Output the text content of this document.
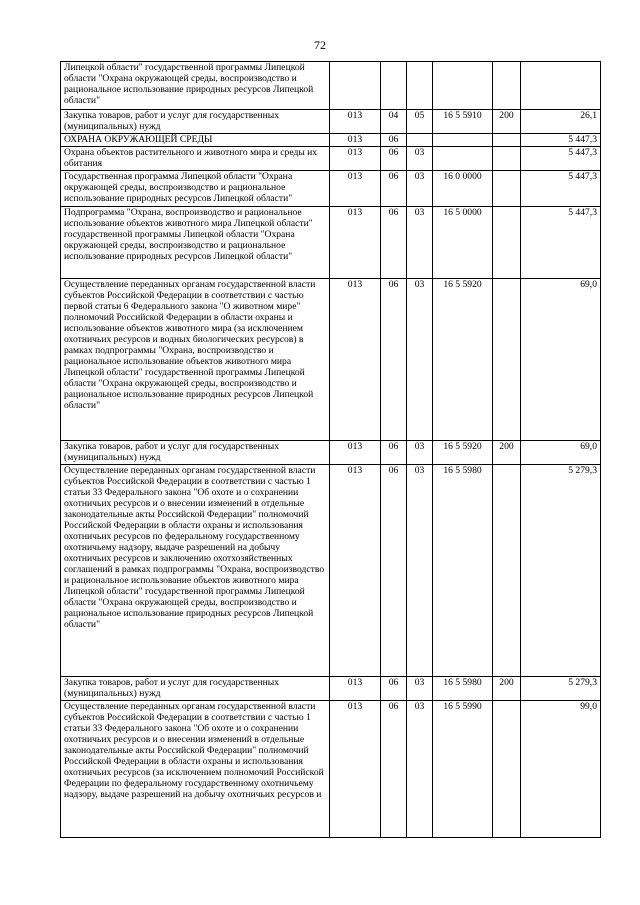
72
Липецкой области" государственной программы Липецкой области "Охрана окружающей среды, воспроизводство и рациональное использование природных ресурсов Липецкой области"						
Закупка товаров, работ и услуг для государственных (муниципальных) нужд	013	04	05	16 5 5910	200	26,1
ОХРАНА ОКРУЖАЮЩЕЙ СРЕДЫ	013	06				5 447,3
Охрана объектов растительного и животного мира и среды их обитания	013	06	03			5 447,3
Государственная программа Липецкой области "Охрана окружающей среды, воспроизводство и рациональное использование природных ресурсов Липецкой области"	013	06	03	16 0 0000		5 447,3
Подпрограмма "Охрана, воспроизводство и рациональное использование объектов животного мира Липецкой области" государственной программы Липецкой области "Охрана окружающей среды, воспроизводство и рациональное использование природных ресурсов Липецкой области"	013	06	03	16 5 0000		5 447,3
Осуществление переданных органам государственной власти субъектов Российской Федерации в соответствии с частью первой статьи 6 Федерального закона "О животном мире" полномочий Российской Федерации в области охраны и использование объектов животного мира (за исключением охотничьих ресурсов и водных биологических ресурсов) в рамках подпрограммы "Охрана, воспроизводство и рациональное использование объектов животного мира Липецкой области" государственной программы Липецкой области "Охрана окружающей среды, воспроизводство и рациональное использование природных ресурсов Липецкой области"	013	06	03	16 5 5920		69,0
Закупка товаров, работ и услуг для государственных (муниципальных) нужд	013	06	03	16 5 5920	200	69,0
Осуществление переданных органам государственной власти субъектов Российской Федерации в соответствии с частью 1 статьи 33 Федерального закона "Об охоте и о сохранении охотничьих ресурсов и о внесении изменений в отдельные законодательные акты Российской Федерации" полномочий Российской Федерации в области охраны и использования охотничьих ресурсов по федеральному государственному охотничьему надзору, выдаче разрешений на добычу охотничьих ресурсов и заключению охотхозяйственных соглашений в рамках подпрограммы "Охрана, воспроизводство и рациональное использование объектов животного мира Липецкой области" государственной программы Липецкой области "Охрана окружающей среды, воспроизводство и рациональное использование природных ресурсов Липецкой области"	013	06	03	16 5 5980		5 279,3
Закупка товаров, работ и услуг для государственных (муниципальных) нужд	013	06	03	16 5 5980	200	5 279,3
Осуществление переданных органам государственной власти субъектов Российской Федерации в соответствии с частью 1 статьи 33 Федерального закона "Об охоте и о сохранении охотничьих ресурсов и о внесении изменений в отдельные законодательные акты Российской Федерации" полномочий Российской Федерации в области охраны и использования охотничьих ресурсов (за исключением полномочий Российской Федерации по федеральному государственному охотничьему надзору, выдаче разрешений на добычу охотничьих ресурсов и	013	06	03	16 5 5990		99,0
